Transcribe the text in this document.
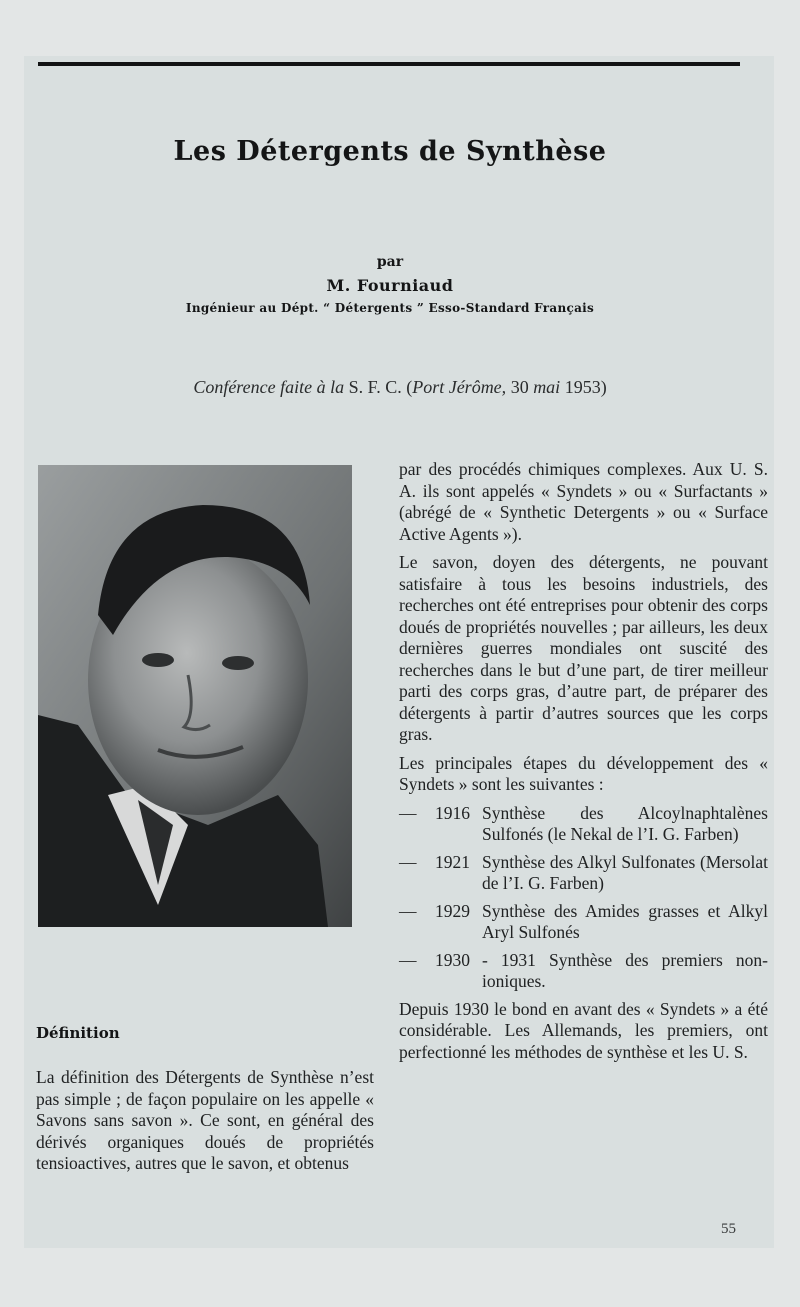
Les Détergents de Synthèse
par
M. Fourniaud
Ingénieur au Dépt. “ Détergents ” Esso-Standard Français
Conférence faite à la S. F. C. (Port Jérôme, 30 mai 1953)
Définition

La définition des Détergents de Synthèse n’est pas simple ; de façon populaire on les appelle « Savons sans savon ». Ce sont, en général des dérivés organiques doués de propriétés tensioactives, autres que le savon, et obtenus

par des procédés chimiques complexes. Aux U. S. A. ils sont appelés « Syndets » ou « Surfactants » (abrégé de « Synthetic Detergents » ou « Surface Active Agents »).

Le savon, doyen des détergents, ne pouvant satisfaire à tous les besoins industriels, des recherches ont été entreprises pour obtenir des corps doués de propriétés nouvelles ; par ailleurs, les deux dernières guerres mondiales ont suscité des recherches dans le but d’une part, de tirer meilleur parti des corps gras, d’autre part, de préparer des détergents à partir d’autres sources que les corps gras.

Les principales étapes du développement des « Syndets » sont les suivantes :

—	1916 Synthèse des Alcoylnaphtalènes Sulfonés (le Nekal de l’I. G. Farben)
—	1921 Synthèse des Alkyl Sulfonates (Mersolat de l’I. G. Farben)
—	1929 Synthèse des Amides grasses et Alkyl Aryl Sulfonés
—	1930 - 1931 Synthèse des premiers non-ioniques.

Depuis 1930 le bond en avant des « Syndets » a été considérable. Les Allemands, les premiers, ont perfectionné les méthodes de synthèse et les U. S.

55
